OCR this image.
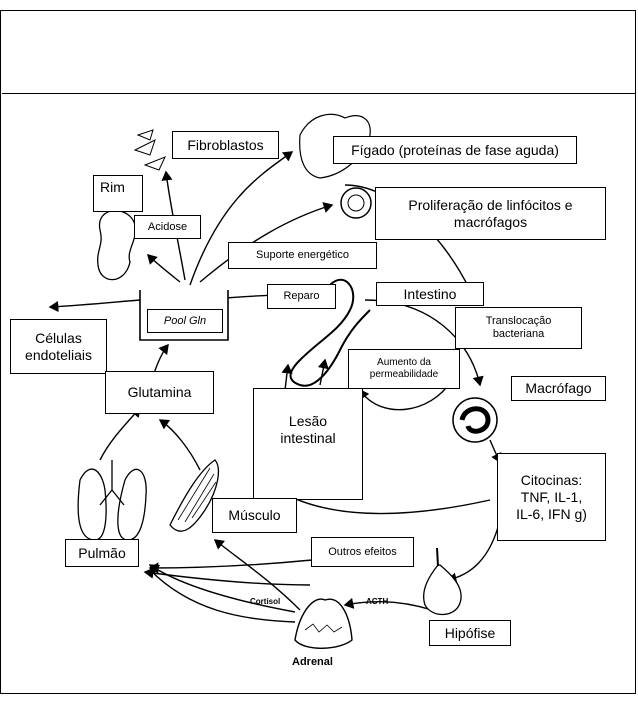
Fibroblastos	Fígado (proteínas de fase aguda)
Rim
Acidose
Proliferação de linfócitos e macrófagos
Suporte energético
Reparo	Intestino
Pool Gln
Células endoteliais
Translocação bacteriana
Aumento da permeabilidade
Macrófago
Glutamina
Lesão intestinal
Citocinas: TNF, IL-1, IL-6, IFN g)
Músculo
Outros efeitos
Pulmão
Hipófise
Cortisol	ACTH
Adrenal
